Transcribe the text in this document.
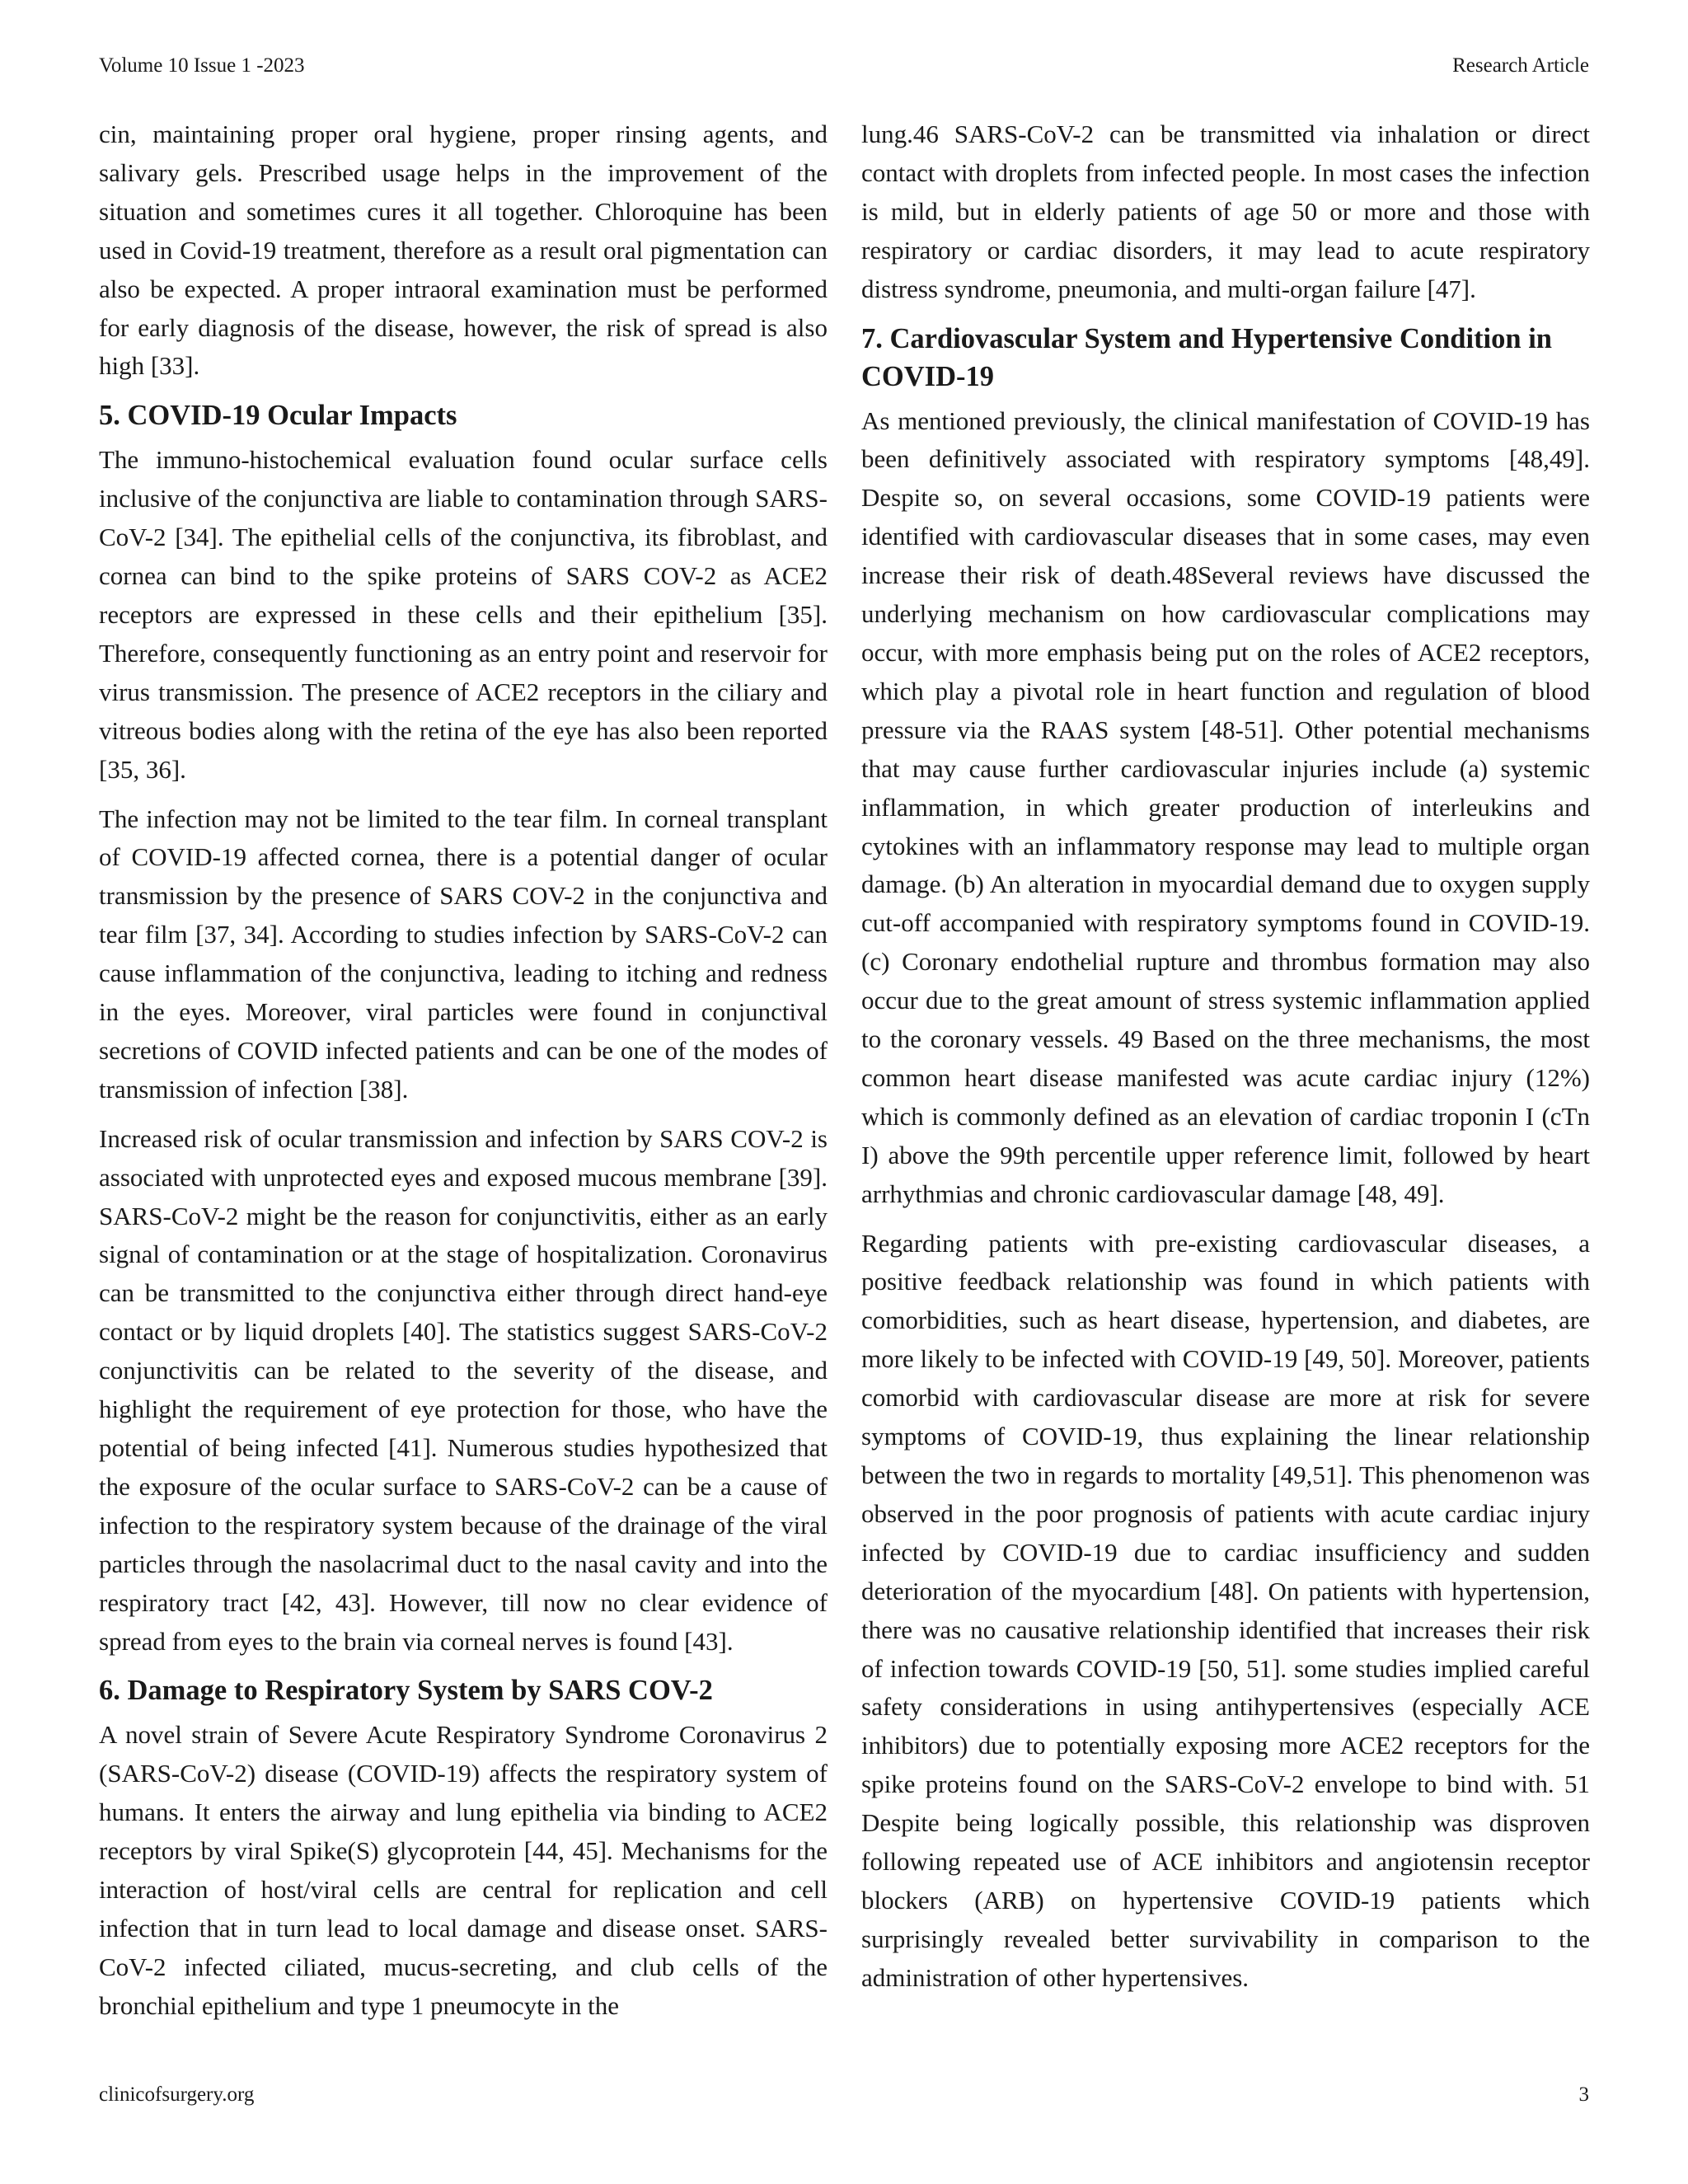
Volume 10 Issue 1 -2023	Research Article

cin, maintaining proper oral hygiene, proper rinsing agents, and salivary gels. Prescribed usage helps in the improvement of the situation and sometimes cures it all together. Chloroquine has been used in Covid-19 treatment, therefore as a result oral pigmentation can also be expected. A proper intraoral examination must be performed for early diagnosis of the disease, however, the risk of spread is also high [33].

5. COVID-19 Ocular Impacts

The immuno-histochemical evaluation found ocular surface cells inclusive of the conjunctiva are liable to contamination through SARS-CoV-2 [34]. The epithelial cells of the conjunctiva, its fibroblast, and cornea can bind to the spike proteins of SARS COV-2 as ACE2 receptors are expressed in these cells and their epithelium [35]. Therefore, consequently functioning as an entry point and reservoir for virus transmission. The presence of ACE2 receptors in the ciliary and vitreous bodies along with the retina of the eye has also been reported [35, 36].

The infection may not be limited to the tear film. In corneal transplant of COVID-19 affected cornea, there is a potential danger of ocular transmission by the presence of SARS COV-2 in the conjunctiva and tear film [37, 34]. According to studies infection by SARS-CoV-2 can cause inflammation of the conjunctiva, leading to itching and redness in the eyes. Moreover, viral particles were found in conjunctival secretions of COVID infected patients and can be one of the modes of transmission of infection [38].

Increased risk of ocular transmission and infection by SARS COV-2 is associated with unprotected eyes and exposed mucous membrane [39]. SARS-CoV-2 might be the reason for conjunctivitis, either as an early signal of contamination or at the stage of hospitalization. Coronavirus can be transmitted to the conjunctiva either through direct hand-eye contact or by liquid droplets [40]. The statistics suggest SARS-CoV-2 conjunctivitis can be related to the severity of the disease, and highlight the requirement of eye protection for those, who have the potential of being infected [41]. Numerous studies hypothesized that the exposure of the ocular surface to SARS-CoV-2 can be a cause of infection to the respiratory system because of the drainage of the viral particles through the nasolacrimal duct to the nasal cavity and into the respiratory tract [42, 43]. However, till now no clear evidence of spread from eyes to the brain via corneal nerves is found [43].

6. Damage to Respiratory System by SARS COV-2

A novel strain of Severe Acute Respiratory Syndrome Coronavirus 2 (SARS-CoV-2) disease (COVID-19) affects the respiratory system of humans. It enters the airway and lung epithelia via binding to ACE2 receptors by viral Spike(S) glycoprotein [44, 45]. Mechanisms for the interaction of host/viral cells are central for replication and cell infection that in turn lead to local damage and disease onset. SARS-CoV-2 infected ciliated, mucus-secreting, and club cells of the bronchial epithelium and type 1 pneumocyte in the

lung.46 SARS-CoV-2 can be transmitted via inhalation or direct contact with droplets from infected people. In most cases the infection is mild, but in elderly patients of age 50 or more and those with respiratory or cardiac disorders, it may lead to acute respiratory distress syndrome, pneumonia, and multi-organ failure [47].

7. Cardiovascular System and Hypertensive Condition in COVID-19

As mentioned previously, the clinical manifestation of COVID-19 has been definitively associated with respiratory symptoms [48,49]. Despite so, on several occasions, some COVID-19 patients were identified with cardiovascular diseases that in some cases, may even increase their risk of death.48Several reviews have discussed the underlying mechanism on how cardiovascular complications may occur, with more emphasis being put on the roles of ACE2 receptors, which play a pivotal role in heart function and regulation of blood pressure via the RAAS system [48-51]. Other potential mechanisms that may cause further cardiovascular injuries include (a) systemic inflammation, in which greater production of interleukins and cytokines with an inflammatory response may lead to multiple organ damage. (b) An alteration in myocardial demand due to oxygen supply cut-off accompanied with respiratory symptoms found in COVID-19. (c) Coronary endothelial rupture and thrombus formation may also occur due to the great amount of stress systemic inflammation applied to the coronary vessels. 49 Based on the three mechanisms, the most common heart disease manifested was acute cardiac injury (12%) which is commonly defined as an elevation of cardiac troponin I (cTn I) above the 99th percentile upper reference limit, followed by heart arrhythmias and chronic cardiovascular damage [48, 49].

Regarding patients with pre-existing cardiovascular diseases, a positive feedback relationship was found in which patients with comorbidities, such as heart disease, hypertension, and diabetes, are more likely to be infected with COVID-19 [49, 50]. Moreover, patients comorbid with cardiovascular disease are more at risk for severe symptoms of COVID-19, thus explaining the linear relationship between the two in regards to mortality [49,51]. This phenomenon was observed in the poor prognosis of patients with acute cardiac injury infected by COVID-19 due to cardiac insufficiency and sudden deterioration of the myocardium [48]. On patients with hypertension, there was no causative relationship identified that increases their risk of infection towards COVID-19 [50, 51]. some studies implied careful safety considerations in using antihypertensives (especially ACE inhibitors) due to potentially exposing more ACE2 receptors for the spike proteins found on the SARS-CoV-2 envelope to bind with. 51 Despite being logically possible, this relationship was disproven following repeated use of ACE inhibitors and angiotensin receptor blockers (ARB) on hypertensive COVID-19 patients which surprisingly revealed better survivability in comparison to the administration of other hypertensives.

clinicofsurgery.org	3
